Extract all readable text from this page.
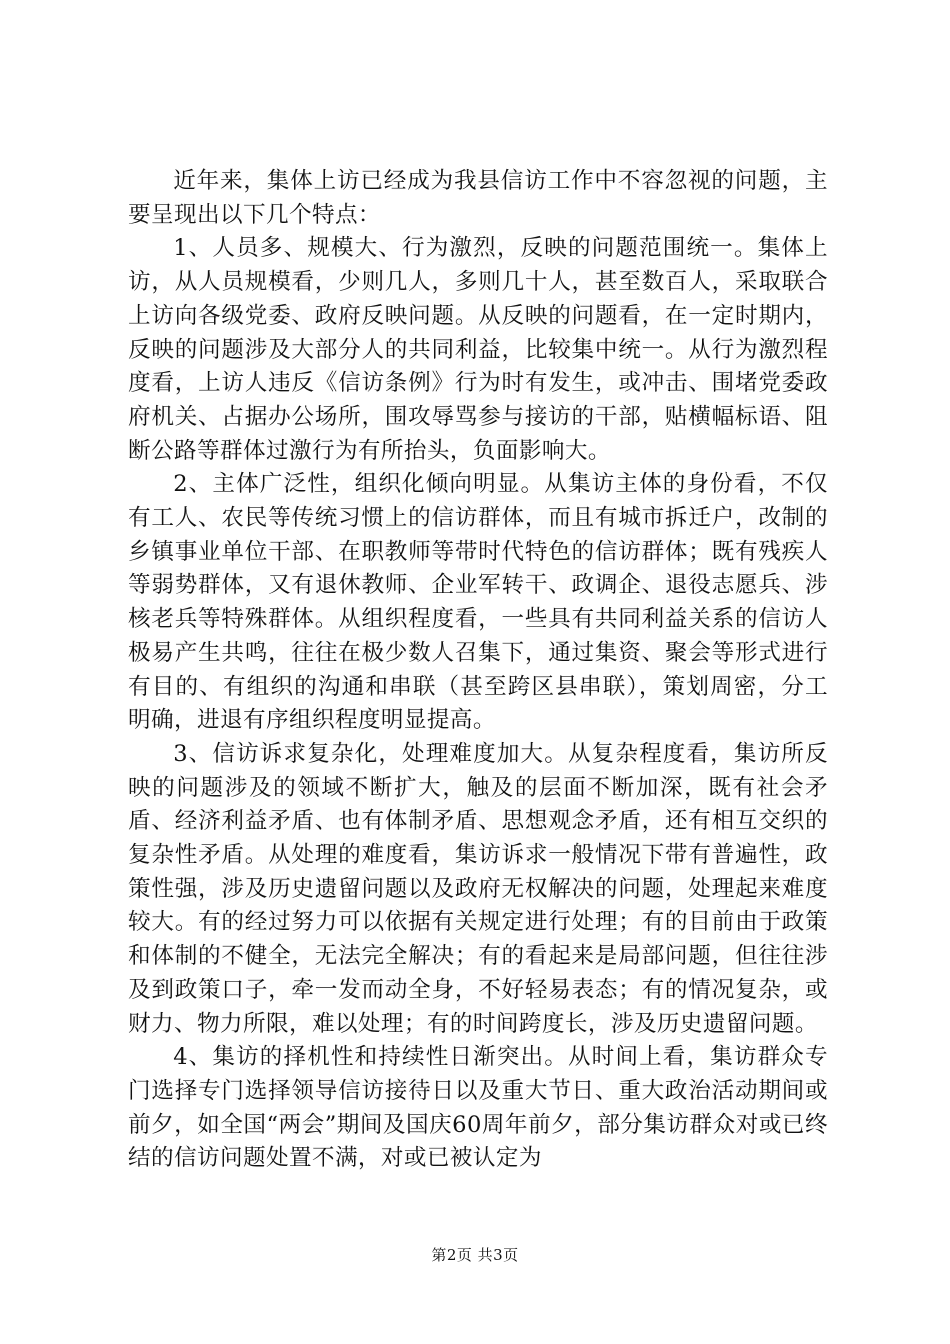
近年来，集体上访已经成为我县信访工作中不容忽视的问题，主要呈现出以下几个特点：

1、人员多、规模大、行为激烈，反映的问题范围统一。集体上访，从人员规模看，少则几人，多则几十人，甚至数百人，采取联合上访向各级党委、政府反映问题。从反映的问题看，在一定时期内，反映的问题涉及大部分人的共同利益，比较集中统一。从行为激烈程度看，上访人违反《信访条例》行为时有发生，或冲击、围堵党委政府机关、占据办公场所，围攻辱骂参与接访的干部，贴横幅标语、阻断公路等群体过激行为有所抬头，负面影响大。

2、主体广泛性，组织化倾向明显。从集访主体的身份看，不仅有工人、农民等传统习惯上的信访群体，而且有城市拆迁户，改制的乡镇事业单位干部、在职教师等带时代特色的信访群体；既有残疾人等弱势群体，又有退休教师、企业军转干、政调企、退役志愿兵、涉核老兵等特殊群体。从组织程度看，一些具有共同利益关系的信访人极易产生共鸣，往往在极少数人召集下，通过集资、聚会等形式进行有目的、有组织的沟通和串联（甚至跨区县串联），策划周密，分工明确，进退有序组织程度明显提高。

3、信访诉求复杂化，处理难度加大。从复杂程度看，集访所反映的问题涉及的领域不断扩大，触及的层面不断加深，既有社会矛盾、经济利益矛盾、也有体制矛盾、思想观念矛盾，还有相互交织的复杂性矛盾。从处理的难度看，集访诉求一般情况下带有普遍性，政策性强，涉及历史遗留问题以及政府无权解决的问题，处理起来难度较大。有的经过努力可以依据有关规定进行处理；有的目前由于政策和体制的不健全，无法完全解决；有的看起来是局部问题，但往往涉及到政策口子，牵一发而动全身，不好轻易表态；有的情况复杂，或财力、物力所限，难以处理；有的时间跨度长，涉及历史遗留问题。

4、集访的择机性和持续性日渐突出。从时间上看，集访群众专门选择专门选择领导信访接待日以及重大节日、重大政治活动期间或前夕，如全国“两会”期间及国庆60周年前夕，部分集访群众对或已终结的信访问题处置不满，对或已被认定为

第2页 共3页
